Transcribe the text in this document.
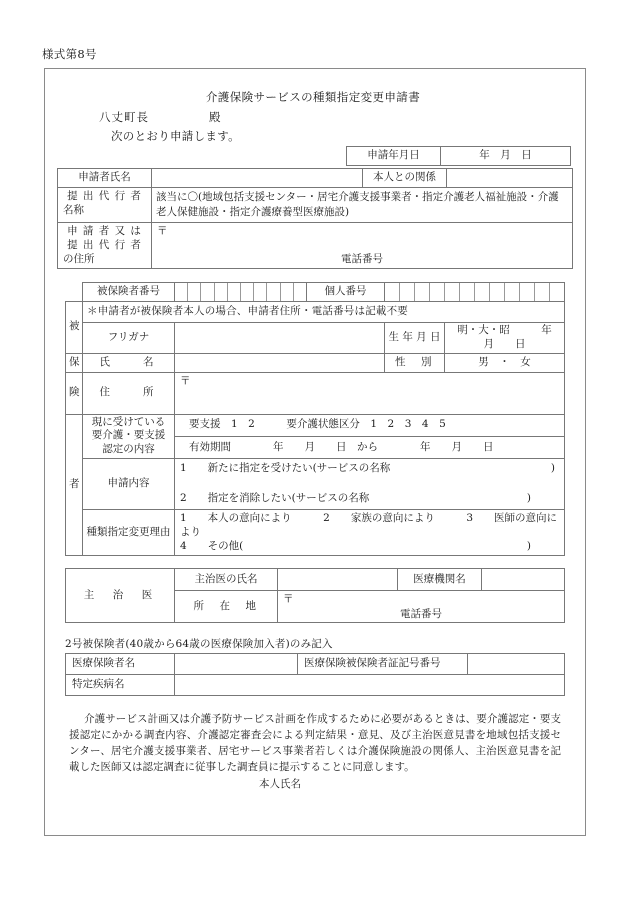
様式第8号
介護保険サービスの種類指定変更申請書
八丈町長	殿
次のとおり申請します。
申請年月日	年　月　日
申請者氏名		本人との関係	

提 出 代 行 者
名称	該当に〇(地域包括支援センター・居宅介護支援事業者・指定介護老人福祉施設・介護老人保健施設・指定介護療養型医療施設)		

申 請 者 又 は
提 出 代 行 者
の住所

〒
電話番号
	被保険者番号		個人番号		

被	＊申請者が被保険者本人の場合、申請者住所・電話番号は記載不要				
	フリガナ			生 年 月 日	明・大・昭　　　年　　月　　日
保	氏　　名			性　別	男　・　女
険	住　　所	〒			

者	現に受けている
要介護・要支援
認定の内容	要支援　1　2　　　要介護状態区分　1　2　3　4　5			
		有効期間　　　　年　　月　　日　から　　　　年　　月　　日			
	申請内容	1　　新たに指定を受けたい(サービスの名称 )
2　　指定を消除したい(サービスの名称 )			

	種類指定変更理由	1　　本人の意向により　　　2　　家族の意向により　　　3　　医師の意向により
4　　その他( )			
主　治　医	主治医の氏名		医療機関名	
	所　在　地	〒
電話番号		
2号被保険者(40歳から64歳の医療保険加入者)のみ記入
医療保険者名		医療保険被保険者証記号番号	
特定疾病名			

介護サービス計画又は介護予防サービス計画を作成するために必要があるときは、要介護認定・要支援認定にかかる調査内容、介護認定審査会による判定結果・意見、及び主治医意見書を地域包括支援センター、居宅介護支援事業者、居宅サービス事業者若しくは介護保険施設の関係人、主治医意見書を記載した医師又は認定調査に従事した調査員に提示することに同意します。

本人氏名
